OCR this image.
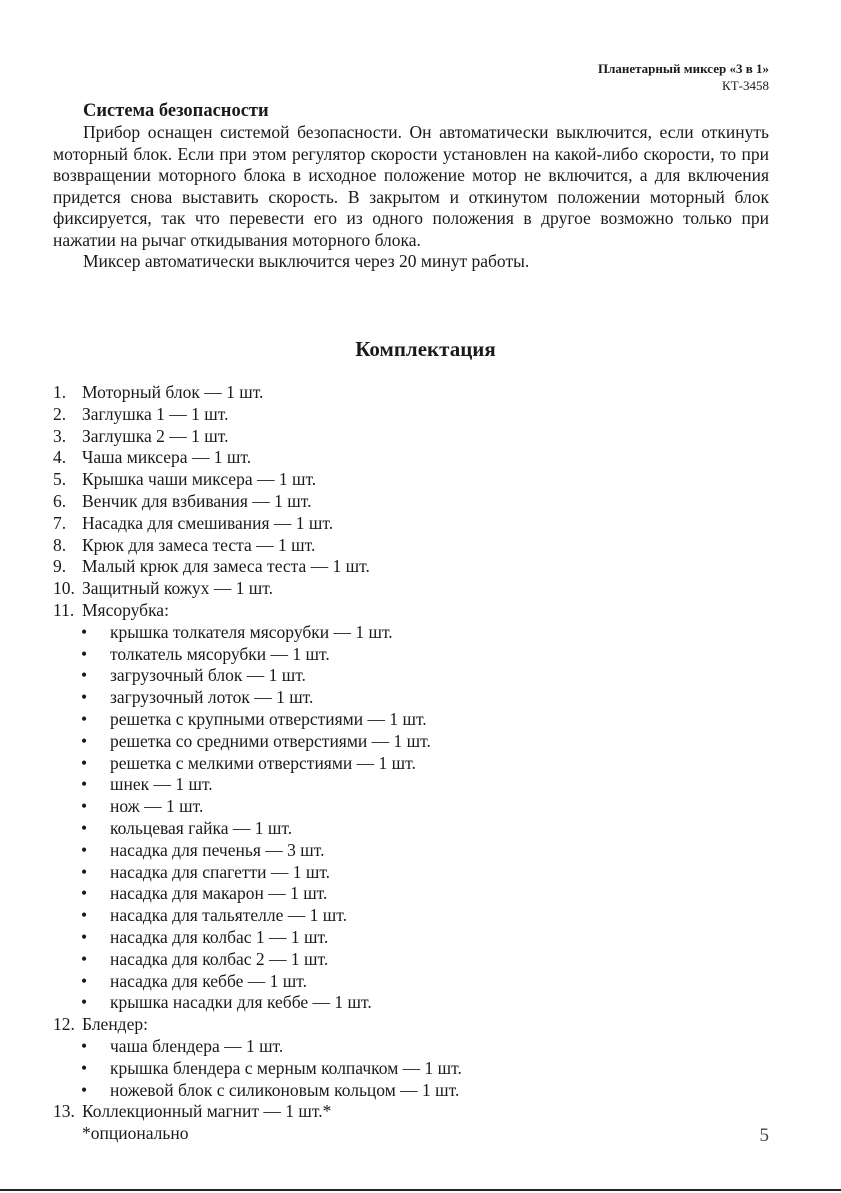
Планетарный миксер «3 в 1»
КТ-3458
Система безопасности

Прибор оснащен системой безопасности. Он автоматически выключится, если откинуть моторный блок. Если при этом регулятор скорости установлен на какой-либо скорости, то при возвращении моторного блока в исходное положение мотор не включится, а для включения придется снова выставить скорость. В закрытом и откинутом положении моторный блок фиксируется, так что перевести его из одного положения в другое возможно только при нажатии на рычаг откидывания моторного блока.

Миксер автоматически выключится через 20 минут работы.

Комплектация
1. Моторный блок — 1 шт.
2. Заглушка 1 — 1 шт.
3. Заглушка 2 — 1 шт.
4. Чаша миксера — 1 шт.
5. Крышка чаши миксера — 1 шт.
6. Венчик для взбивания — 1 шт.
7. Насадка для смешивания — 1 шт.
8. Крюк для замеса теста — 1 шт.
9. Малый крюк для замеса теста — 1 шт.
10. Защитный кожух — 1 шт.
11. Мясорубка:
• крышка толкателя мясорубки — 1 шт.
• толкатель мясорубки — 1 шт.
• загрузочный блок — 1 шт.
• загрузочный лоток — 1 шт.
• решетка с крупными отверстиями — 1 шт.
• решетка со средними отверстиями — 1 шт.
• решетка с мелкими отверстиями — 1 шт.
• шнек — 1 шт.
• нож — 1 шт.
• кольцевая гайка — 1 шт.
• насадка для печенья — 3 шт.
• насадка для спагетти — 1 шт.
• насадка для макарон — 1 шт.
• насадка для тальятелле — 1 шт.
• насадка для колбас 1 — 1 шт.
• насадка для колбас 2 — 1 шт.
• насадка для кеббе — 1 шт.
• крышка насадки для кеббе — 1 шт.
12. Блендер:
• чаша блендера — 1 шт.
• крышка блендера с мерным колпачком — 1 шт.
• ножевой блок с силиконовым кольцом — 1 шт.
13. Коллекционный магнит — 1 шт.*
*опционально	5
